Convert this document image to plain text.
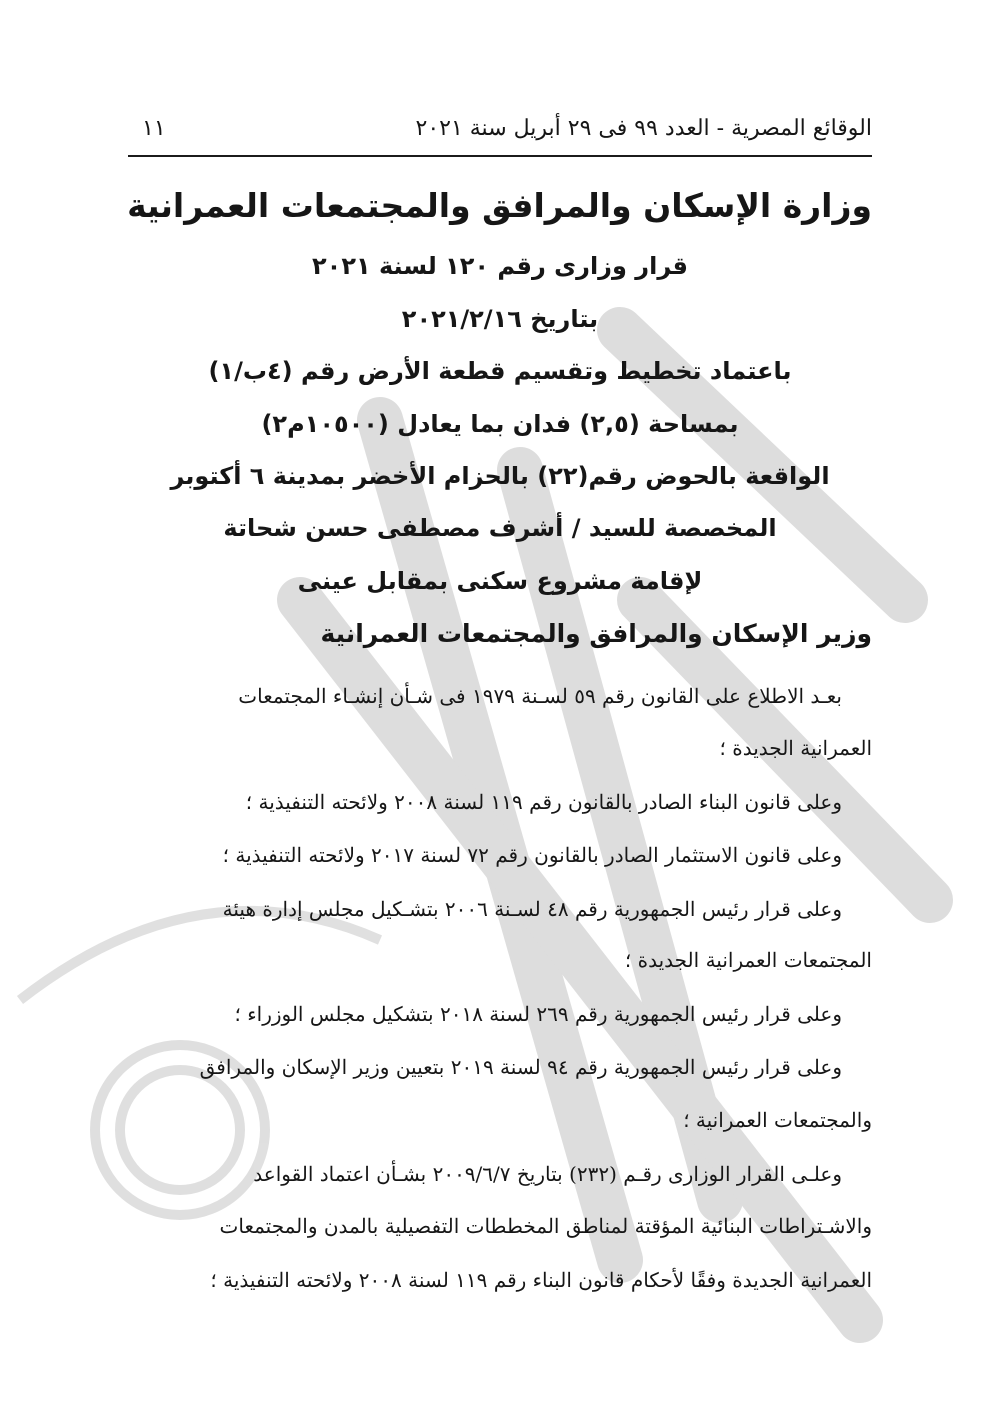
الوقائع المصرية - العدد ٩٩ فى ٢٩ أبريل سنة ٢٠٢١
١١
وزارة الإسكان والمرافق والمجتمعات العمرانية
قرار وزارى رقم ١٢٠ لسنة ٢٠٢١
بتاريخ ٢٠٢١/٢/١٦
باعتماد تخطيط وتقسيم قطعة الأرض رقم (٤ب/١)
بمساحة (٢,٥) فدان بما يعادل (١٠٥٠٠م٢)
الواقعة بالحوض رقم(٢٢) بالحزام الأخضر بمدينة ٦ أكتوبر
المخصصة للسيد / أشرف مصطفى حسن شحاتة
لإقامة مشروع سكنى بمقابل عينى
وزير الإسكان والمرافق والمجتمعات العمرانية
بعـد الاطلاع على القانون رقم ٥٩ لسـنة ١٩٧٩ فى شـأن إنشـاء المجتمعات
العمرانية الجديدة ؛
وعلى قانون البناء الصادر بالقانون رقم ١١٩ لسنة ٢٠٠٨ ولائحته التنفيذية ؛
وعلى قانون الاستثمار الصادر بالقانون رقم ٧٢ لسنة ٢٠١٧ ولائحته التنفيذية ؛
وعلى قرار رئيس الجمهورية رقم ٤٨ لسـنة ٢٠٠٦ بتشـكيل مجلس إدارة هيئة
المجتمعات العمرانية الجديدة ؛
وعلى قرار رئيس الجمهورية رقم ٢٦٩ لسنة ٢٠١٨ بتشكيل مجلس الوزراء ؛
وعلى قرار رئيس الجمهورية رقم ٩٤ لسنة ٢٠١٩ بتعيين وزير الإسكان والمرافق
والمجتمعات العمرانية ؛
وعلـى القرار الوزارى رقـم (٢٣٢) بتاريخ ٢٠٠٩/٦/٧ بشـأن اعتماد القواعد
والاشـتراطات البنائية المؤقتة لمناطق المخططات التفصيلية بالمدن والمجتمعات
العمرانية الجديدة وفقًا لأحكام قانون البناء رقم ١١٩ لسنة ٢٠٠٨ ولائحته التنفيذية ؛
